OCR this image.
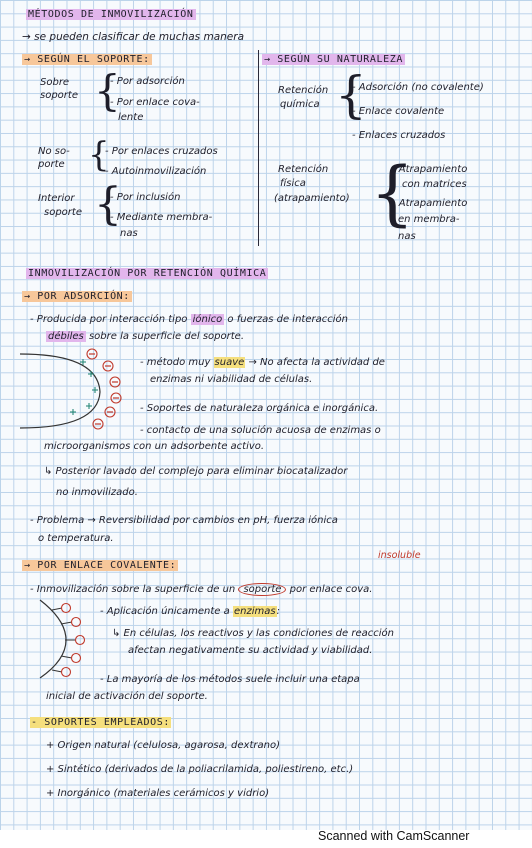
MÉTODOS DE INMOVILIZACIÓN
→ se pueden clasificar de muchas manera
→ SEGÚN EL SOPORTE:
Sobre
soporte {
- Por adsorción
- Por enlace cova-
lente
No so-
porte {
- Por enlaces cruzados
- Autoinmovilización
Interior
soporte {
- Por inclusión
- Mediante membra-
nas
→ SEGÚN SU NATURALEZA
Retención
química {
- Adsorción (no covalente)
- Enlace covalente
- Enlaces cruzados
Retención
física
(atrapamiento) {
- Atrapamiento
con matrices
- Atrapamiento
en membra-
nas
INMOVILIZACIÓN POR RETENCIÓN QUÍMICA
→ POR ADSORCIÓN:
- Producida por interacción tipo iónico o fuerzas de interacción
débiles sobre la superficie del soporte.
- método muy suave → No afecta la actividad de
enzimas ni viabilidad de células.
- Soportes de naturaleza orgánica e inorgánica.
- contacto de una solución acuosa de enzimas o
microorganismos con un adsorbente activo.
↳ Posterior lavado del complejo para eliminar biocatalizador
no inmovilizado.
- Problema → Reversibilidad por cambios en pH, fuerza iónica
o temperatura.
insoluble
→ POR ENLACE COVALENTE:
- Inmovilización sobre la superficie de un soporte por enlace cova.
- Aplicación únicamente a enzimas:
↳ En células, los reactivos y las condiciones de reacción
afectan negativamente su actividad y viabilidad.
- La mayoría de los métodos suele incluir una etapa
inicial de activación del soporte.
- SOPORTES EMPLEADOS:
+ Origen natural (celulosa, agarosa, dextrano)
+ Sintético (derivados de la poliacrilamida, poliestireno, etc.)
+ Inorgánico (materiales cerámicos y vidrio)
Scanned with CamScanner
